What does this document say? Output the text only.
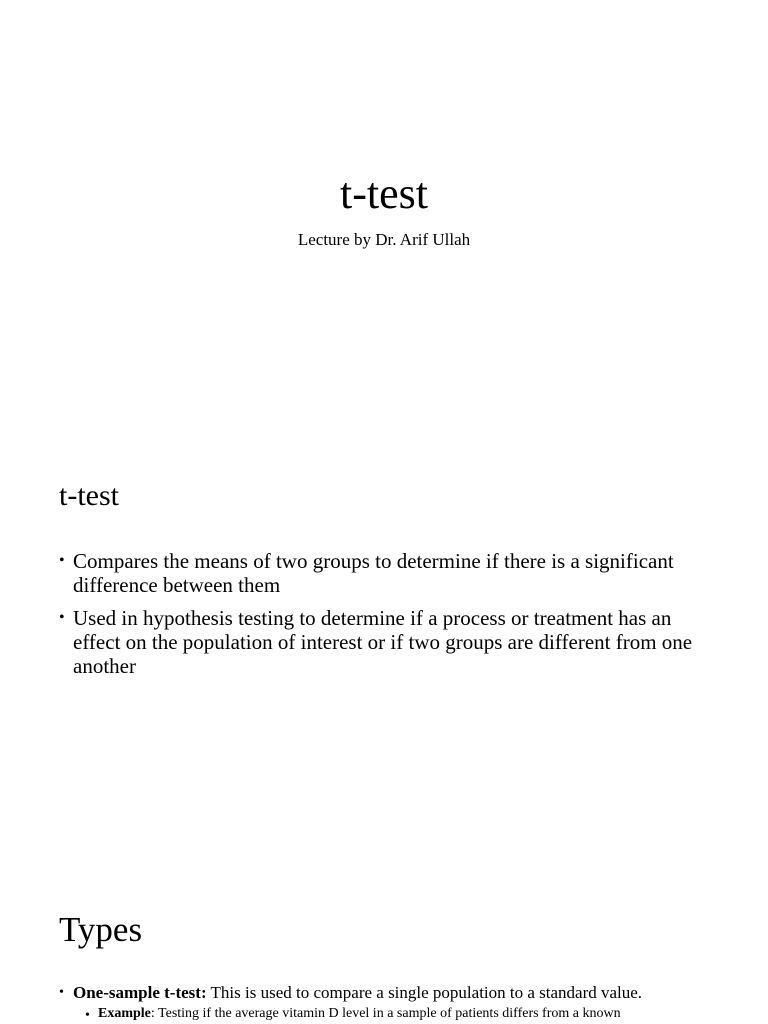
t-test
Lecture by Dr. Arif Ullah
t-test
• Compares the means of two groups to determine if there is a significant difference between them
• Used in hypothesis testing to determine if a process or treatment has an effect on the population of interest or if two groups are different from one another
Types
• One-sample t-test: This is used to compare a single population to a standard value.
• Example: Testing if the average vitamin D level in a sample of patients differs from a known
